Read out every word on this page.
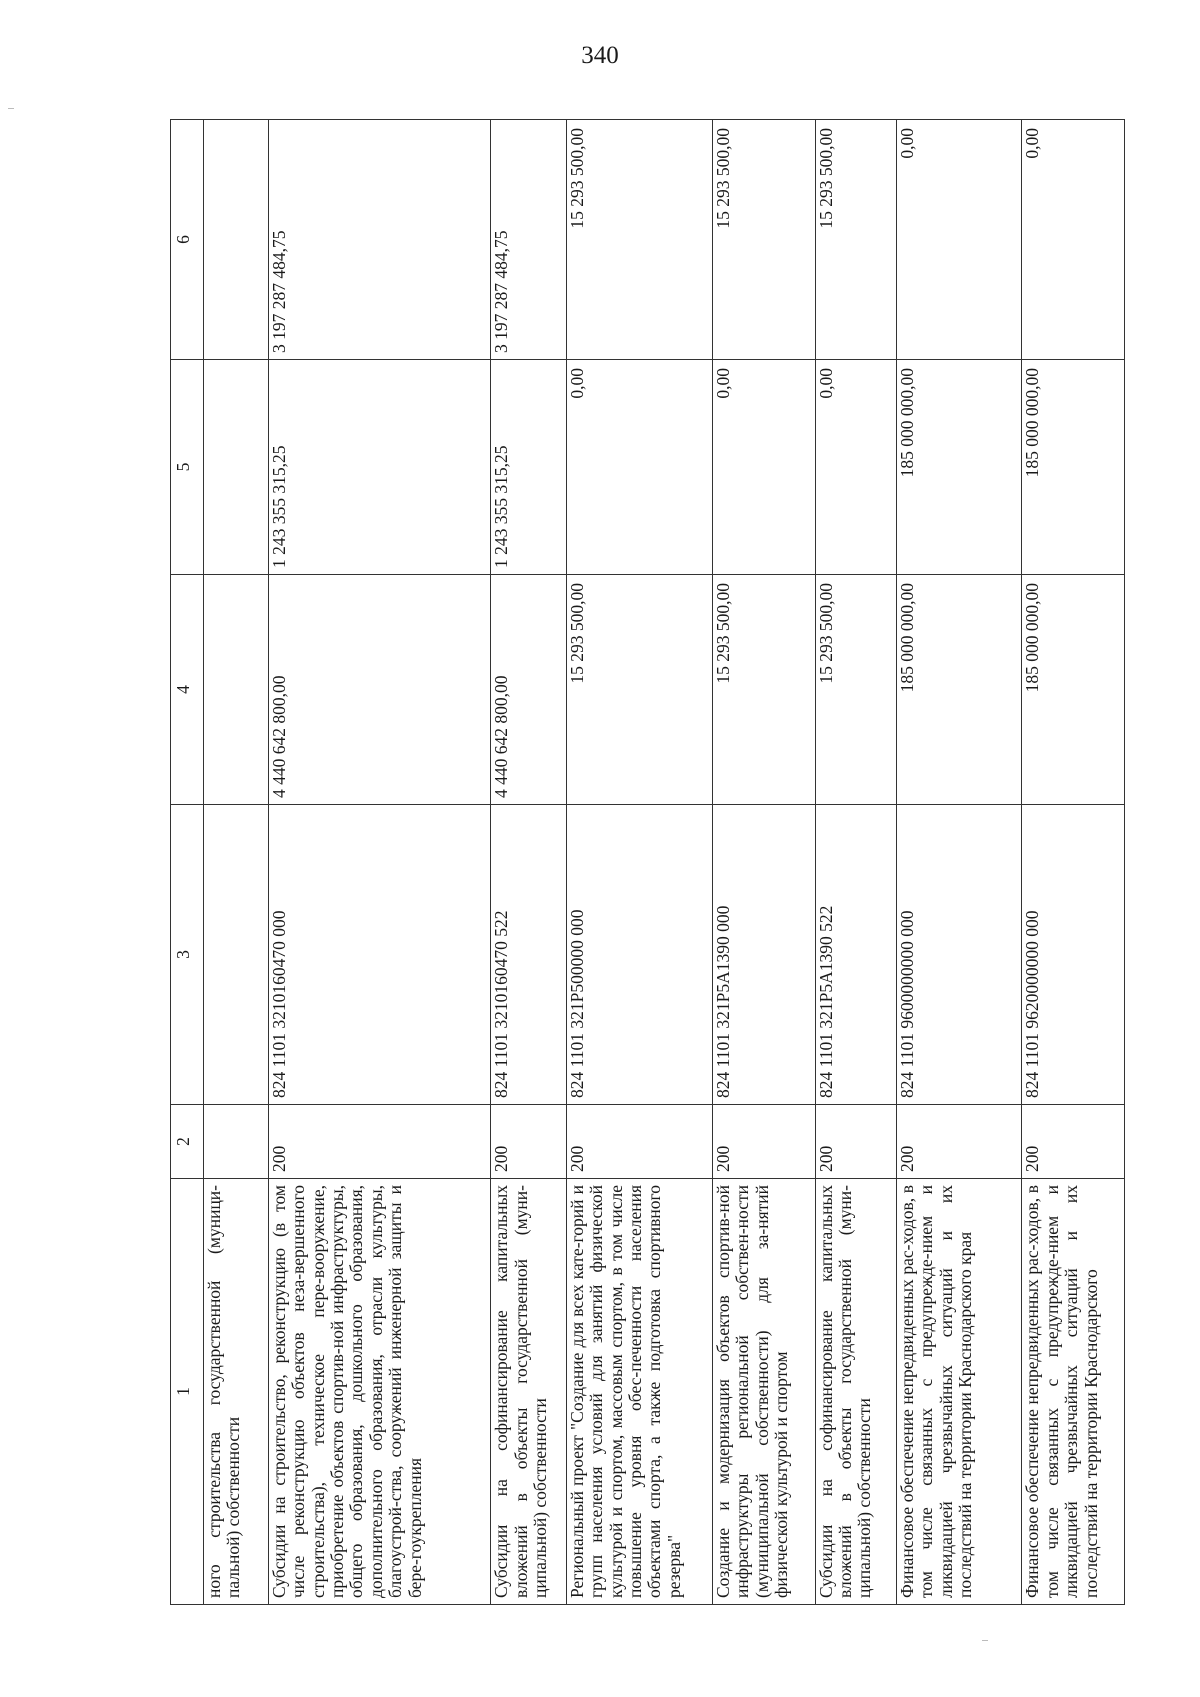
340
1	2	3	4	5	6
ного строительства государственной (муници-пальной) собственности					
Субсидии на строительство, реконструкцию (в том числе реконструкцию объектов неза-вершенного строительства), техническое пере-вооружение, приобретение объектов спортив-ной инфраструктуры, общего образования, дошкольного образования, дополнительного образования, отрасли культуры, благоустрой-ства, сооружений инженерной защиты и бере-гоукрепления	200	824 1101 3210160470 000	4 440 642 800,00	1 243 355 315,25	3 197 287 484,75
Субсидии на софинансирование капитальных вложений в объекты государственной (муни-ципальной) собственности	200	824 1101 3210160470 522	4 440 642 800,00	1 243 355 315,25	3 197 287 484,75
Региональный проект "Создание для всех кате-горий и групп населения условий для занятий физической культурой и спортом, массовым спортом, в том числе повышение уровня обес-печенности населения объектами спорта, а также подготовка спортивного резерва"	200	824 1101 321P500000 000	15 293 500,00	0,00	15 293 500,00
Создание и модернизация объектов спортив-ной инфраструктуры региональной собствен-ности (муниципальной собственности) для за-нятий физической культурой и спортом	200	824 1101 321P5A1390 000	15 293 500,00	0,00	15 293 500,00
Субсидии на софинансирование капитальных вложений в объекты государственной (муни-ципальной) собственности	200	824 1101 321P5A1390 522	15 293 500,00	0,00	15 293 500,00
Финансовое обеспечение непредвиденных рас-ходов, в том числе связанных с предупрежде-нием и ликвидацией чрезвычайных ситуаций и их последствий на территории Краснодарского края	200	824 1101 9600000000 000	185 000 000,00	185 000 000,00	0,00
Финансовое обеспечение непредвиденных рас-ходов, в том числе связанных с предупрежде-нием и ликвидацией чрезвычайных ситуаций и их последствий на территории Краснодарского	200	824 1101 9620000000 000	185 000 000,00	185 000 000,00	0,00
